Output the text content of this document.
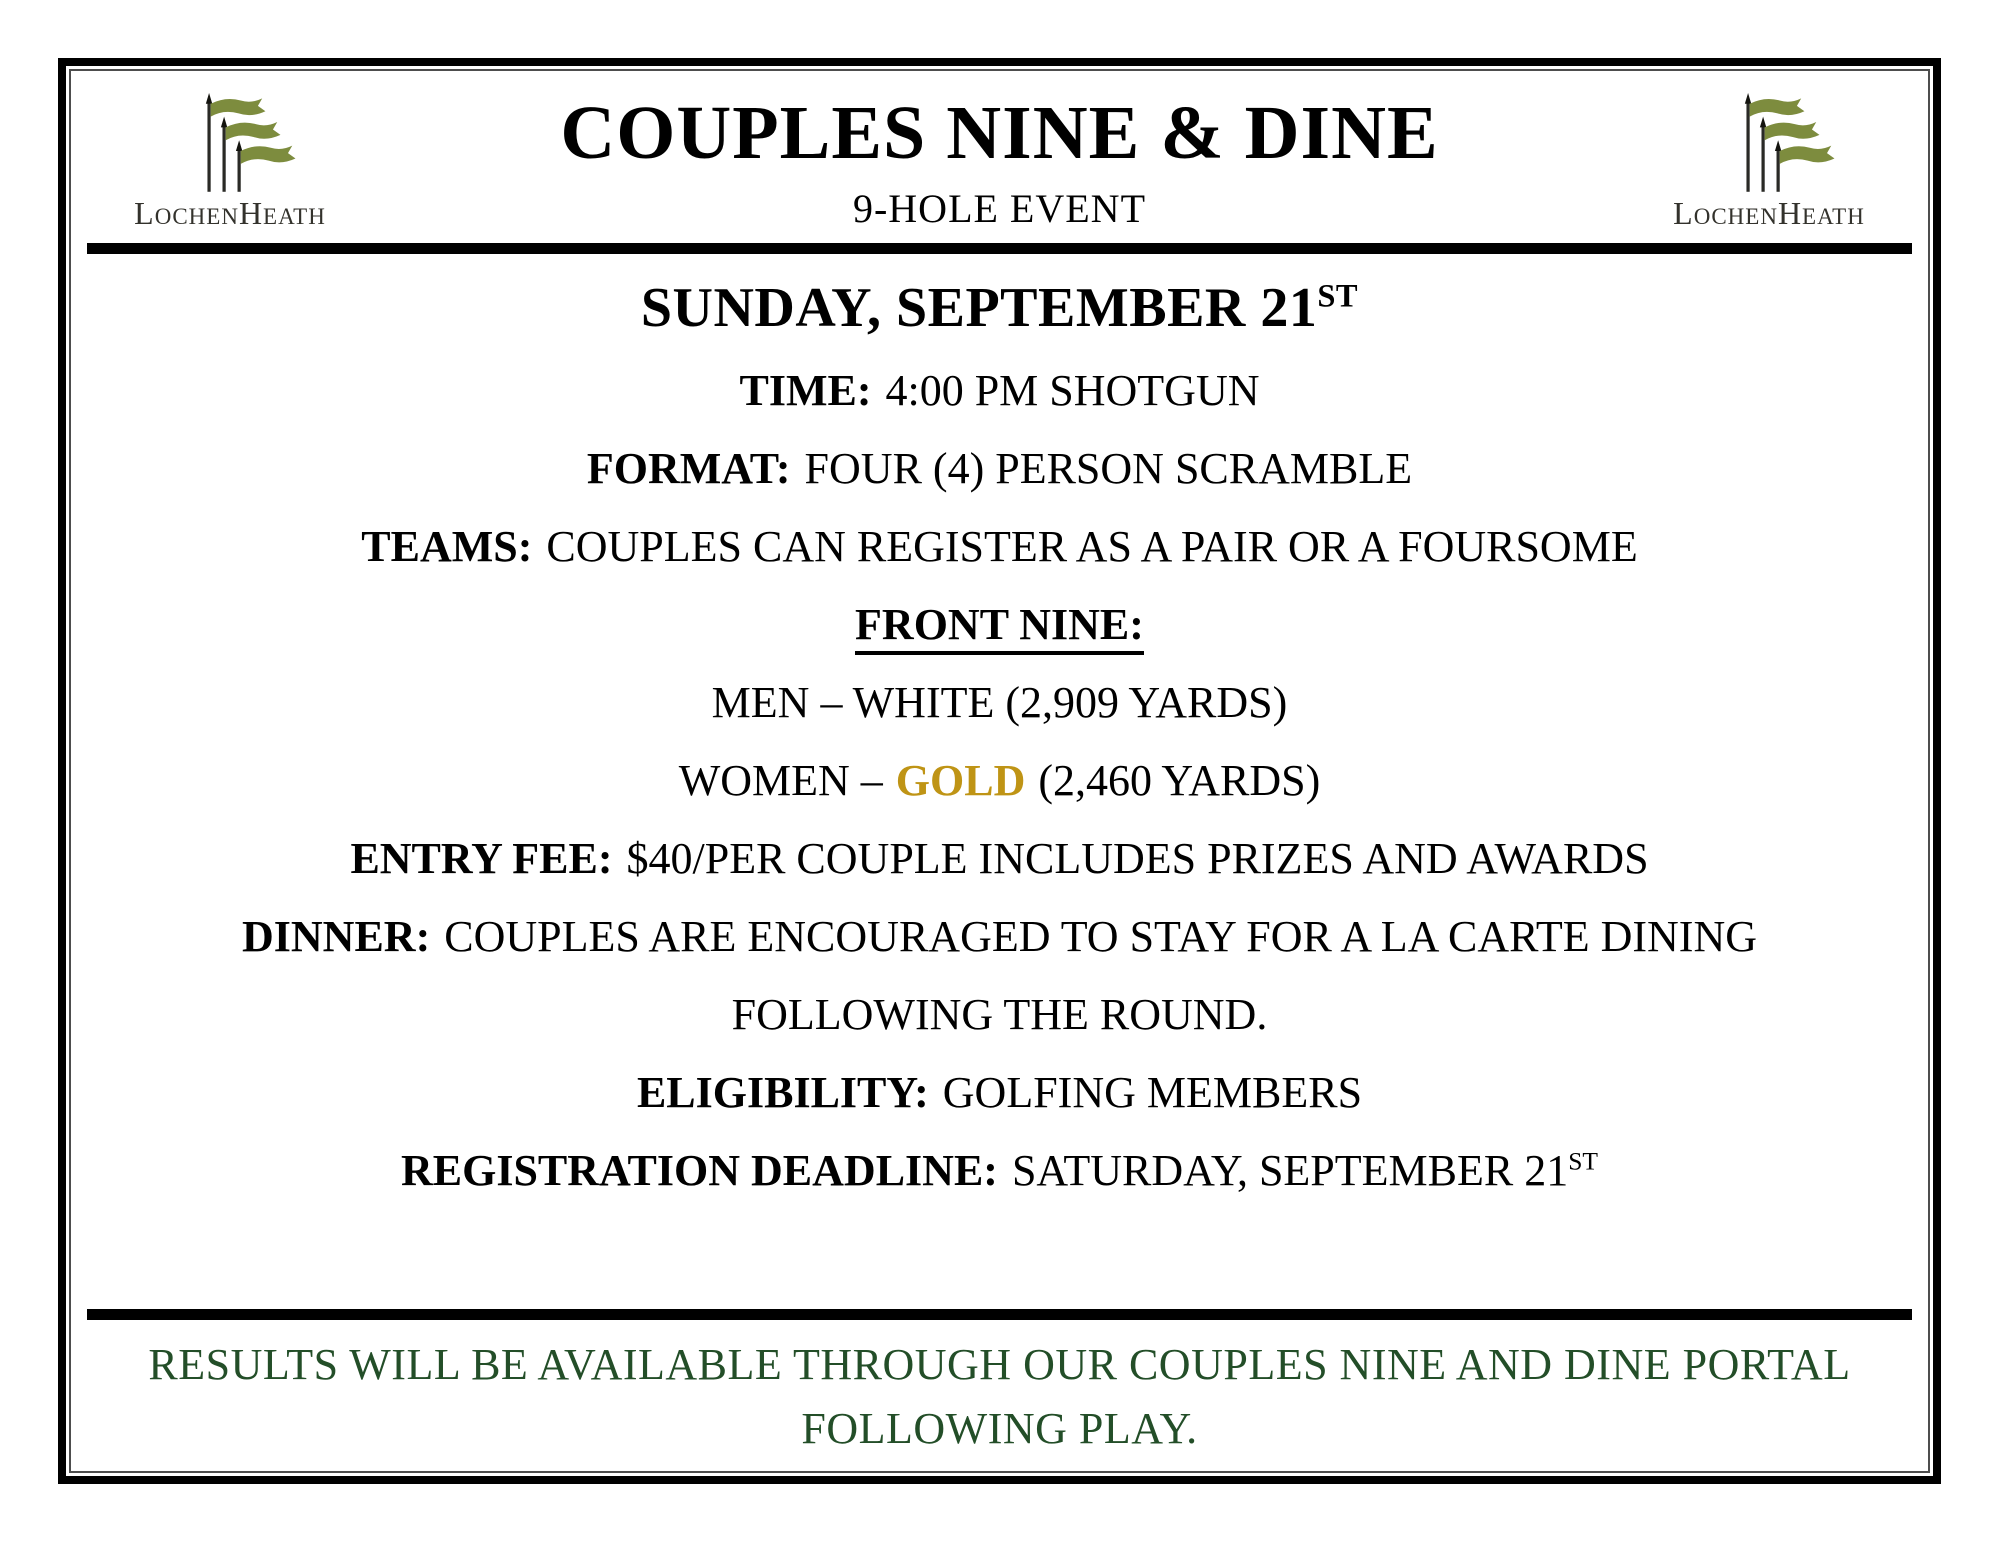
LOCHENHEATH
COUPLES NINE & DINE
9-HOLE EVENT	LOCHENHEATH
SUNDAY, SEPTEMBER 21ST
TIME: 4:00 PM SHOTGUN
FORMAT: FOUR (4) PERSON SCRAMBLE
TEAMS: COUPLES CAN REGISTER AS A PAIR OR A FOURSOME
FRONT NINE:
MEN – WHITE (2,909 YARDS)
WOMEN – GOLD (2,460 YARDS)
ENTRY FEE: $40/PER COUPLE INCLUDES PRIZES AND AWARDS
DINNER: COUPLES ARE ENCOURAGED TO STAY FOR A LA CARTE DINING
FOLLOWING THE ROUND.
ELIGIBILITY: GOLFING MEMBERS
REGISTRATION DEADLINE: SATURDAY, SEPTEMBER 21ST
RESULTS WILL BE AVAILABLE THROUGH OUR COUPLES NINE AND DINE PORTAL
FOLLOWING PLAY.
